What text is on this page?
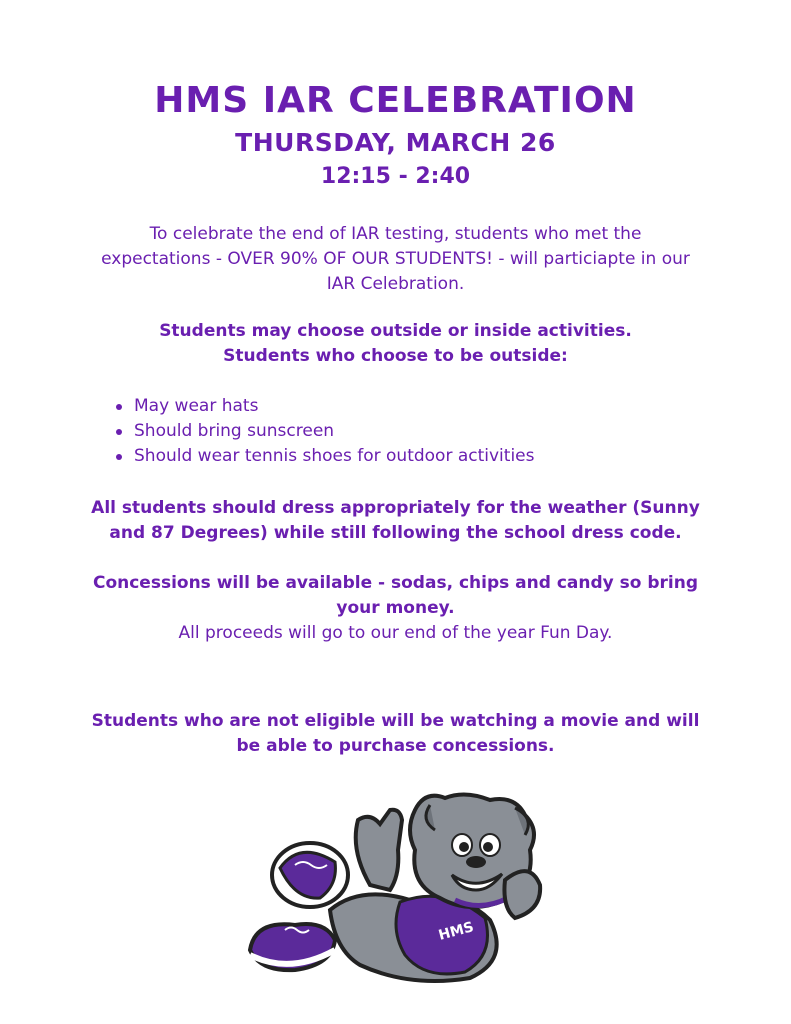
HMS IAR CELEBRATION
THURSDAY, MARCH 26
12:15 - 2:40
To celebrate the end of IAR testing, students who met the expectations - OVER 90% OF OUR STUDENTS! - will particiapte in our IAR Celebration.
Students may choose outside or inside activities.
Students who choose to be outside:
May wear hats
Should bring sunscreen
Should wear tennis shoes for outdoor activities
All students should dress appropriately for the weather (Sunny and 87 Degrees) while still following the school dress code.
Concessions will be available - sodas, chips and candy so bring your money.
All proceeds will go to our end of the year Fun Day.
Students who are not eligible will be watching a movie and will be able to purchase concessions.
HMS
